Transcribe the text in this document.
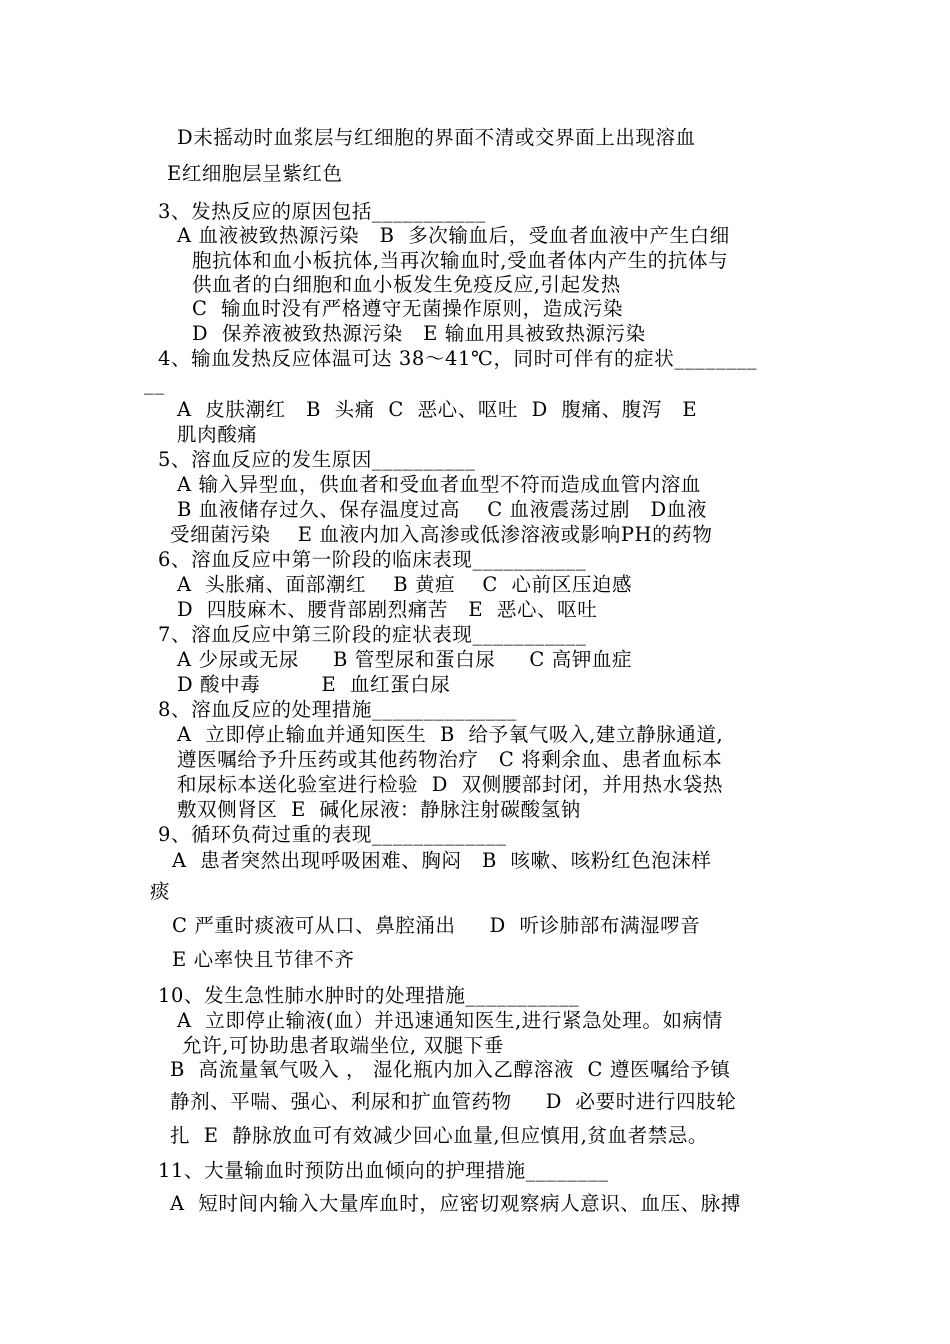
D未摇动时血浆层与红细胞的界面不清或交界面上出现溶血
E红细胞层呈紫红色
3、发热反应的原因包括___________
A 血液被致热源污染   B  多次输血后，受血者血液中产生白细
胞抗体和血小板抗体,当再次输血时,受血者体内产生的抗体与
供血者的白细胞和血小板发生免疫反应,引起发热
C  输血时没有严格遵守无菌操作原则，造成污染
D  保养液被致热源污染   E 输血用具被致热源污染
4、输血发热反应体温可达 38～41℃，同时可伴有的症状________
__
A  皮肤潮红   B  头痛  C  恶心、呕吐  D  腹痛、腹泻   E
肌肉酸痛
5、溶血反应的发生原因__________
A 输入异型血，供血者和受血者血型不符而造成血管内溶血
B 血液储存过久、保存温度过高    C 血液震荡过剧   D血液
受细菌污染    E 血液内加入高渗或低渗溶液或影响PH的药物
6、溶血反应中第一阶段的临床表现___________
A  头胀痛、面部潮红    B 黄疸    C  心前区压迫感
D  四肢麻木、腰背部剧烈痛苦   E  恶心、呕吐
7、溶血反应中第三阶段的症状表现___________
A 少尿或无尿     B 管型尿和蛋白尿     C 高钾血症
D 酸中毒         E  血红蛋白尿
8、溶血反应的处理措施______________
A  立即停止输血并通知医生  B  给予氧气吸入,建立静脉通道,
遵医嘱给予升压药或其他药物治疗   C 将剩余血、患者血标本
和尿标本送化验室进行检验  D  双侧腰部封闭，并用热水袋热
敷双侧肾区  E  碱化尿液：静脉注射碳酸氢钠
9、循环负荷过重的表现_____________
A  患者突然出现呼吸困难、胸闷   B  咳嗽、咳粉红色泡沫样
痰
C 严重时痰液可从口、鼻腔涌出     D  听诊肺部布满湿啰音
E 心率快且节律不齐
10、发生急性肺水肿时的处理措施___________
A  立即停止输液(血）并迅速通知医生,进行紧急处理。如病情
允许,可协助患者取端坐位, 双腿下垂
B  高流量氧气吸入 ， 湿化瓶内加入乙醇溶液  C 遵医嘱给予镇
静剂、平喘、强心、利尿和扩血管药物     D  必要时进行四肢轮
扎  E  静脉放血可有效减少回心血量,但应慎用,贫血者禁忌。
11、大量输血时预防出血倾向的护理措施________
A  短时间内输入大量库血时，应密切观察病人意识、血压、脉搏
